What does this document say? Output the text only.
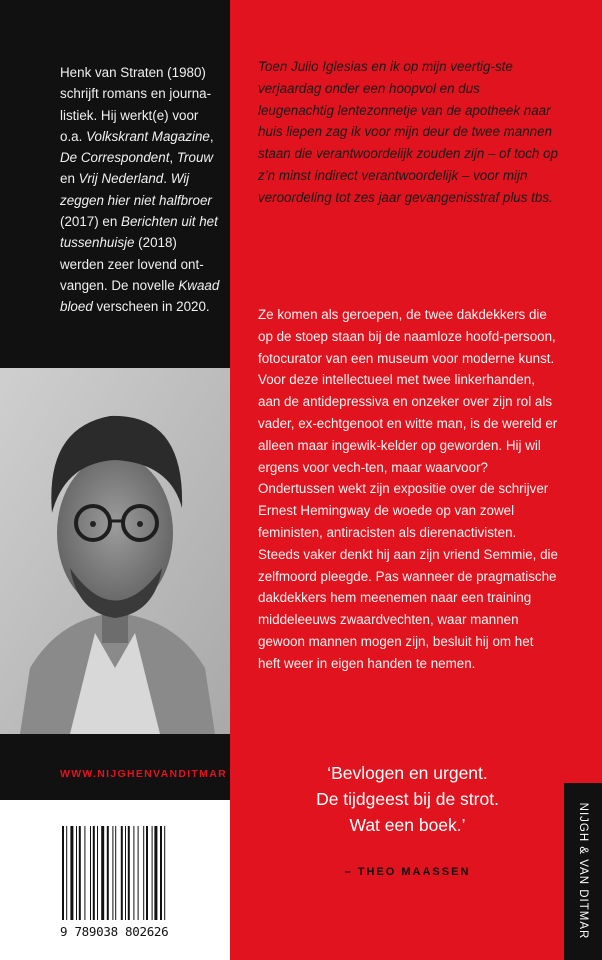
Henk van Straten (1980) schrijft romans en journa-listiek. Hij werkt(e) voor o.a. Volkskrant Magazine, De Correspondent, Trouw en Vrij Nederland. Wij zeggen hier niet halfbroer (2017) en Berichten uit het tussenhuisje (2018) werden zeer lovend ont-vangen. De novelle Kwaad bloed verscheen in 2020.
WWW.NIJGHENVANDITMAR
9 789038 802626
Toen Julio Iglesias en ik op mijn veertig-ste verjaardag onder een hoopvol en dus leugenachtig lentezonnetje van de apotheek naar huis liepen zag ik voor mijn deur de twee mannen staan die verantwoordelijk zouden zijn – of toch op z’n minst indirect verantwoordelijk – voor mijn veroordeling tot zes jaar gevangenisstraf plus tbs.
Ze komen als geroepen, de twee dakdekkers die op de stoep staan bij de naamloze hoofd-persoon, fotocurator van een museum voor moderne kunst. Voor deze intellectueel met twee linkerhanden, aan de antidepressiva en onzeker over zijn rol als vader, ex-echtgenoot en witte man, is de wereld er alleen maar ingewik-kelder op geworden. Hij wil ergens voor vech-ten, maar waarvoor? Ondertussen wekt zijn expositie over de schrijver Ernest Hemingway de woede op van zowel feministen, antiracisten als dierenactivisten. Steeds vaker denkt hij aan zijn vriend Semmie, die zelfmoord pleegde. Pas wanneer de pragmatische dakdekkers hem meenemen naar een training middeleeuws zwaardvechten, waar mannen gewoon mannen mogen zijn, besluit hij om het heft weer in eigen handen te nemen.
‘Bevlogen en urgent.
De tijdgeest bij de strot.
Wat een boek.’
– THEO MAASSEN	NIJGH & VAN DITMAR
